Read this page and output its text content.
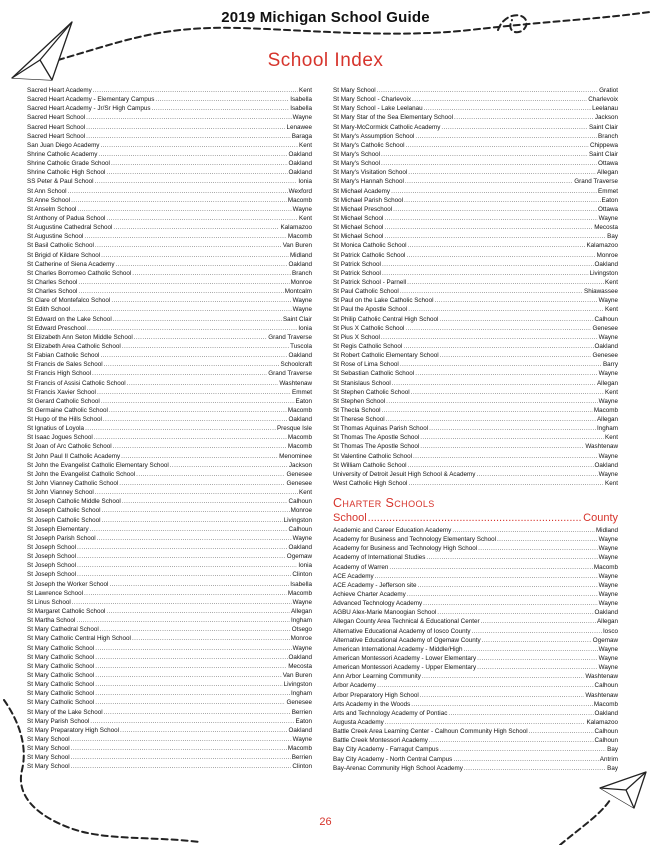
2019 Michigan School Guide
School Index
Sacred Heart Academy .....	Kent
Sacred Heart Academy - Elementary Campus .....	Isabella
Sacred Heart Academy - Jr/Sr High Campus .....	Isabella
Sacred Heart School .....	Wayne
Sacred Heart School .....	Lenawee
Sacred Heart School .....	Baraga
San Juan Diego Academy .....	Kent
Shrine Catholic Academy .....	Oakland
Shrine Catholic Grade School .....	Oakland
Shrine Catholic High School .....	Oakland
SS Peter & Paul School .....	Ionia
St Ann School .....	Wexford
St Anne School .....	Macomb
St Anselm School .....	Wayne
St Anthony of Padua School .....	Kent
St Augustine Cathedral School .....	Kalamazoo
St Augustine School .....	Macomb
St Basil Catholic School .....	Van Buren
St Brigid of Kildare School .....	Midland
St Catherine of Siena Academy .....	Oakland
St Charles Borromeo Catholic School .....	Branch
St Charles School .....	Monroe
St Charles School .....	Montcalm
St Clare of Montefalco School .....	Wayne
St Edith School .....	Wayne
St Edward on the Lake School .....	Saint Clair
St Edward Preschool .....	Ionia
St Elizabeth Ann Seton Middle School .....	Grand Traverse
St Elizabeth Area Catholic School .....	Tuscola
St Fabian Catholic School .....	Oakland
St Francis de Sales School .....	Schoolcraft
St Francis High School .....	Grand Traverse
St Francis of Assisi Catholic School .....	Washtenaw
St Francis Xavier School .....	Emmet
St Gerard Catholic School .....	Eaton
St Germaine Catholic School .....	Macomb
St Hugo of the Hills School .....	Oakland
St Ignatius of Loyola .....	Presque Isle
St Isaac Jogues School .....	Macomb
St Joan of Arc Catholic School .....	Macomb
St John Paul II Catholic Academy .....	Menominee
St John the Evangelist Catholic Elementary School .....	Jackson
St John the Evangelist Catholic School .....	Genesee
St John Vianney Catholic School .....	Genesee
St John Vianney School .....	Kent
St Joseph Catholic Middle School .....	Calhoun
St Joseph Catholic School .....	Monroe
St Joseph Catholic School .....	Livingston
St Joseph Elementary .....	Calhoun
St Joseph Parish School .....	Wayne
St Joseph School .....	Oakland
St Joseph School .....	Ogemaw
St Joseph School .....	Ionia
St Joseph School .....	Clinton
St Joseph the Worker School .....	Isabella
St Lawrence School .....	Macomb
St Linus School .....	Wayne
St Margaret Catholic School .....	Allegan
St Martha School .....	Ingham
St Mary Cathedral School .....	Otsego
St Mary Catholic Central High School .....	Monroe
St Mary Catholic School .....	Wayne
St Mary Catholic School .....	Oakland
St Mary Catholic School .....	Mecosta
St Mary Catholic School .....	Van Buren
St Mary Catholic School .....	Livingston
St Mary Catholic School .....	Ingham
St Mary Catholic School .....	Genesee
St Mary of the Lake School .....	Berrien
St Mary Parish School .....	Eaton
St Mary Preparatory High School .....	Oakland
St Mary School .....	Wayne
St Mary School .....	Macomb
St Mary School .....	Berrien
St Mary School .....	Clinton
St Mary School .....	Gratiot
St Mary School - Charlevoix .....	Charlevoix
St Mary School - Lake Leelanau .....	Leelanau
St Mary Star of the Sea Elementary School .....	Jackson
St Mary-McCormick Catholic Academy .....	Saint Clair
St Mary's Assumption School .....	Branch
St Mary's Catholic School .....	Chippewa
St Mary's School .....	Saint Clair
St Mary's School .....	Ottawa
St Mary's Visitation School .....	Allegan
St Mary's Hannah School .....	Grand Traverse
St Michael Academy .....	Emmet
St Michael Parish School .....	Eaton
St Michael Preschool .....	Ottawa
St Michael School .....	Wayne
St Michael School .....	Mecosta
St Michael School .....	Bay
St Monica Catholic School .....	Kalamazoo
St Patrick Catholic School .....	Monroe
St Patrick School .....	Oakland
St Patrick School .....	Livingston
St Patrick School - Parnell .....	Kent
St Paul Catholic School .....	Shiawassee
St Paul on the Lake Catholic School .....	Wayne
St Paul the Apostle School .....	Kent
St Philip Catholic Central High School .....	Calhoun
St Pius X Catholic School .....	Genesee
St Pius X School .....	Wayne
St Regis Catholic School .....	Oakland
St Robert Catholic Elementary School .....	Genesee
St Rose of Lima School .....	Barry
St Sebastian Catholic School .....	Wayne
St Stanislaus School .....	Allegan
St Stephen Catholic School .....	Kent
St Stephen School .....	Wayne
St Thecla School .....	Macomb
St Therese School .....	Allegan
St Thomas Aquinas Parish School .....	Ingham
St Thomas The Apostle School .....	Kent
St Thomas The Apostle School .....	Washtenaw
St Valentine Catholic School .....	Wayne
St William Catholic School .....	Oakland
University of Detroit Jesuit High School & Academy .....	Wayne
West Catholic High School .....	Kent
Charter Schools
School .....	County
Academic and Career Education Academy .....	Midland
Academy for Business and Technology Elementary School .....	Wayne
Academy for Business and Technology High School .....	Wayne
Academy of International Studies .....	Wayne
Academy of Warren .....	Macomb
ACE Academy .....	Wayne
ACE Academy - Jefferson site .....	Wayne
Achieve Charter Academy .....	Wayne
Advanced Technology Academy .....	Wayne
AGBU Alex-Marie Manoogian School .....	Oakland
Allegan County Area Technical & Educational Center .....	Allegan
Alternative Educational Academy of Iosco County .....	Iosco
Alternative Educational Academy of Ogemaw County .....	Ogemaw
American International Academy - Middle/High .....	Wayne
American Montessori Academy - Lower Elementary .....	Wayne
American Montessori Academy - Upper Elementary .....	Wayne
Ann Arbor Learning Community .....	Washtenaw
Arbor Academy .....	Calhoun
Arbor Preparatory High School .....	Washtenaw
Arts Academy in the Woods .....	Macomb
Arts and Technology Academy of Pontiac .....	Oakland
Augusta Academy .....	Kalamazoo
Battle Creek Area Learning Center - Calhoun Community High School .....	Calhoun
Battle Creek Montessori Academy .....	Calhoun
Bay City Academy - Farragut Campus .....	Bay
Bay City Academy - North Central Campus .....	Antrim
Bay-Arenac Community High School Academy .....	Bay
26
